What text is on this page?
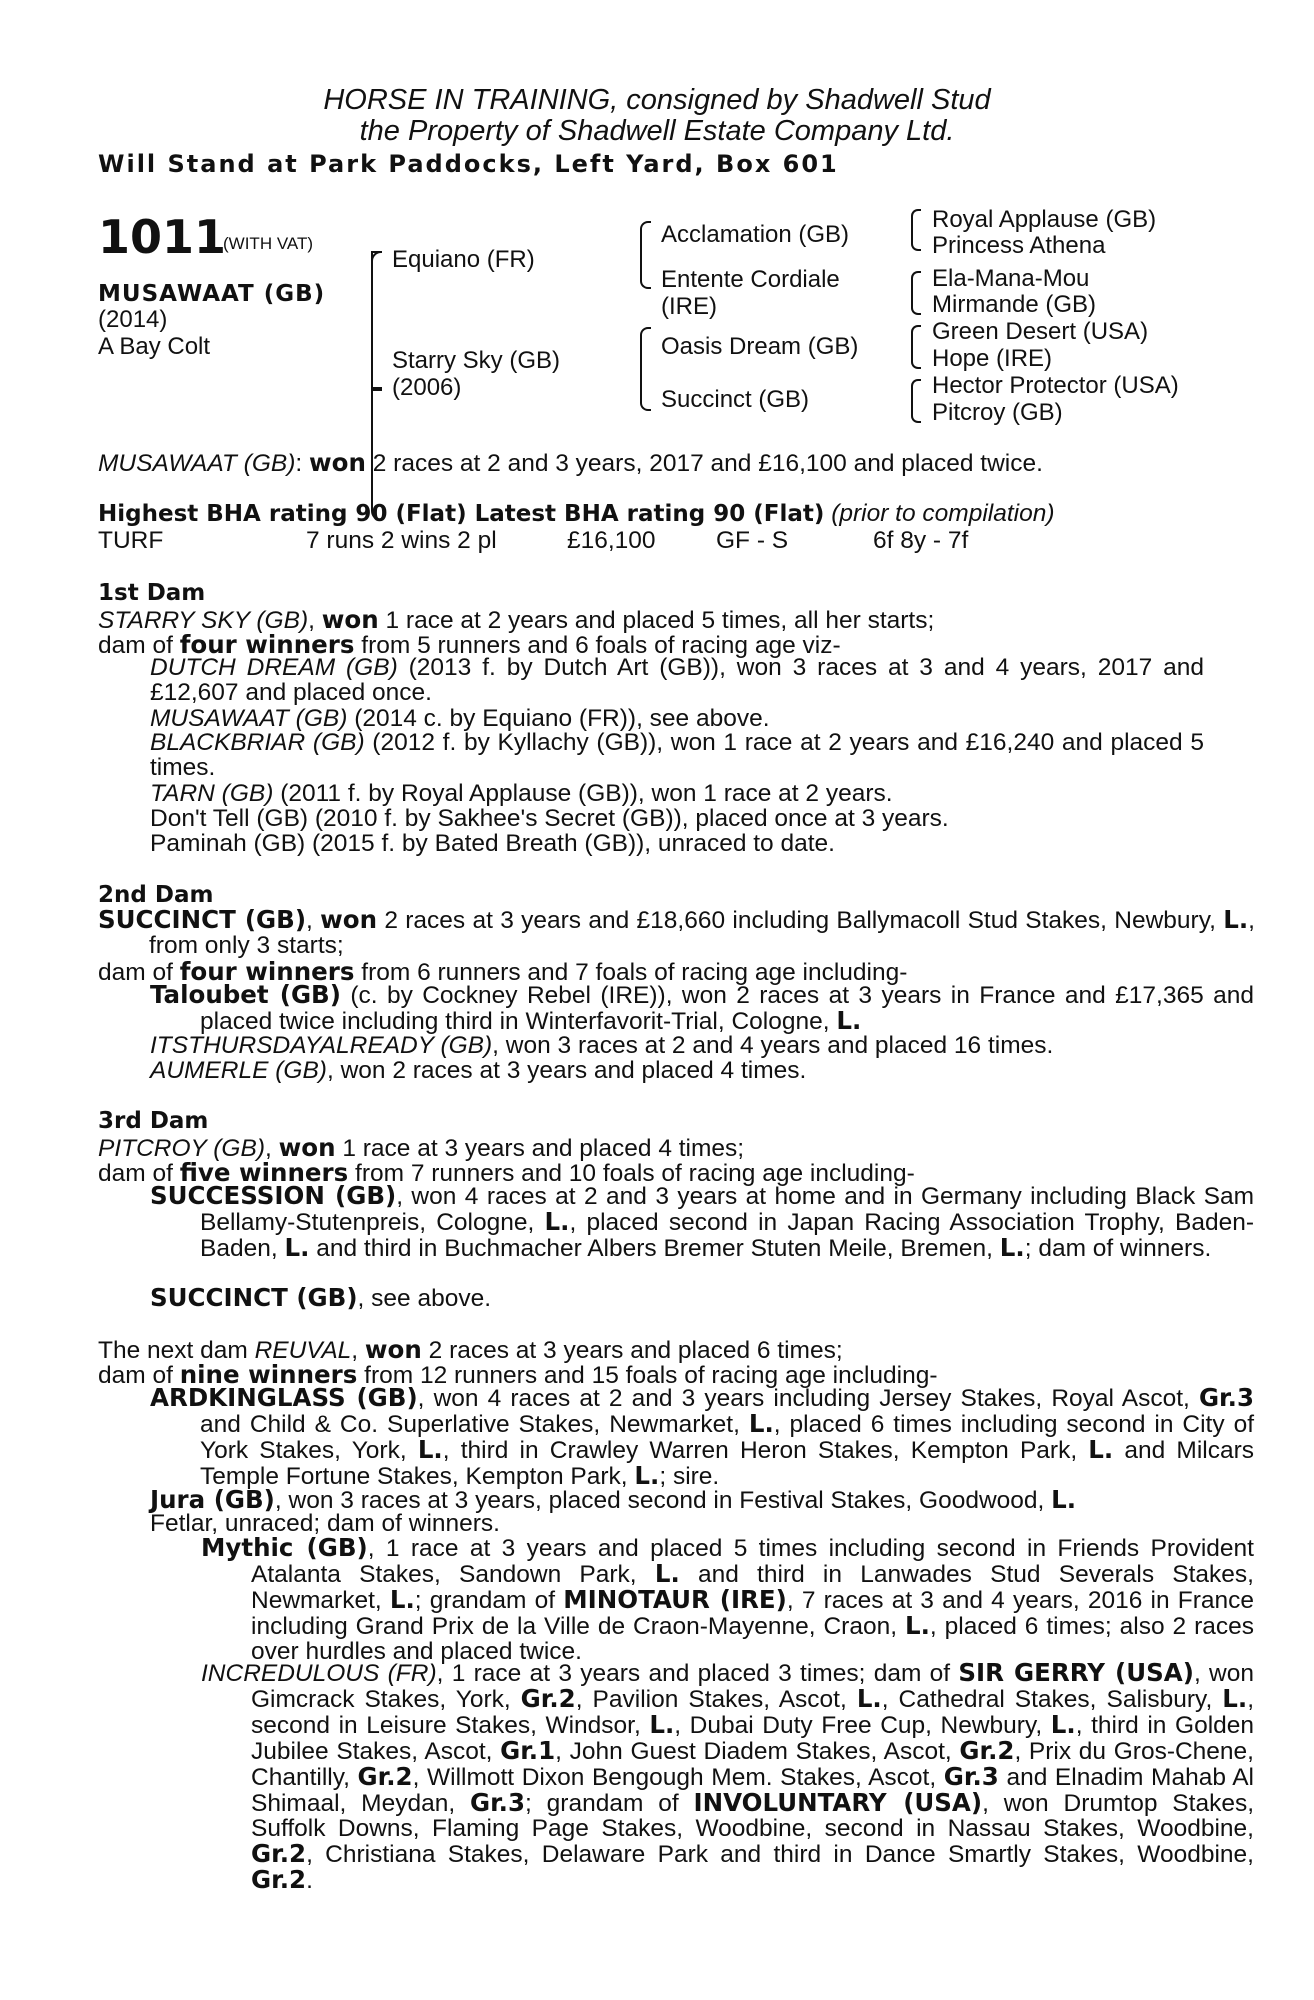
HORSE IN TRAINING, consigned by Shadwell Stud
the Property of Shadwell Estate Company Ltd.
Will Stand at Park Paddocks, Left Yard, Box 601
1011
(WITH VAT)
MUSAWAAT (GB)
(2014)
A Bay Colt
Equiano (FR)
Starry Sky (GB)
(2006)
Acclamation (GB)
Entente Cordiale
(IRE)
Oasis Dream (GB)
Succinct (GB)
Royal Applause (GB)
Princess Athena
Ela-Mana-Mou
Mirmande (GB)
Green Desert (USA)
Hope (IRE)
Hector Protector (USA)
Pitcroy (GB)
MUSAWAAT (GB): won 2 races at 2 and 3 years, 2017 and £16,100 and placed twice.
Highest BHA rating 90 (Flat) Latest BHA rating 90 (Flat) (prior to compilation)
TURF	7 runs 2 wins 2 pl	£16,100 GF - S	6f 8y - 7f
1st Dam
STARRY SKY (GB), won 1 race at 2 years and placed 5 times, all her starts;
dam of four winners from 5 runners and 6 foals of racing age viz-
DUTCH DREAM (GB) (2013 f. by Dutch Art (GB)), won 3 races at 3 and 4 years, 2017 and £12,607 and placed once.
MUSAWAAT (GB) (2014 c. by Equiano (FR)), see above.
BLACKBRIAR (GB) (2012 f. by Kyllachy (GB)), won 1 race at 2 years and £16,240 and placed 5 times.
TARN (GB) (2011 f. by Royal Applause (GB)), won 1 race at 2 years.
Don't Tell (GB) (2010 f. by Sakhee's Secret (GB)), placed once at 3 years.
Paminah (GB) (2015 f. by Bated Breath (GB)), unraced to date.
2nd Dam
SUCCINCT (GB), won 2 races at 3 years and £18,660 including Ballymacoll Stud Stakes, Newbury, L., from only 3 starts;
dam of four winners from 6 runners and 7 foals of racing age including-
Taloubet (GB) (c. by Cockney Rebel (IRE)), won 2 races at 3 years in France and £17,365 and placed twice including third in Winterfavorit-Trial, Cologne, L.
ITSTHURSDAYALREADY (GB), won 3 races at 2 and 4 years and placed 16 times.
AUMERLE (GB), won 2 races at 3 years and placed 4 times.
3rd Dam
PITCROY (GB), won 1 race at 3 years and placed 4 times;
dam of five winners from 7 runners and 10 foals of racing age including-
SUCCESSION (GB), won 4 races at 2 and 3 years at home and in Germany including Black Sam Bellamy-Stutenpreis, Cologne, L., placed second in Japan Racing Association Trophy, Baden-Baden, L. and third in Buchmacher Albers Bremer Stuten Meile, Bremen, L.; dam of winners.
SUCCINCT (GB), see above.
The next dam REUVAL, won 2 races at 3 years and placed 6 times;
dam of nine winners from 12 runners and 15 foals of racing age including-
ARDKINGLASS (GB), won 4 races at 2 and 3 years including Jersey Stakes, Royal Ascot, Gr.3 and Child & Co. Superlative Stakes, Newmarket, L., placed 6 times including second in City of York Stakes, York, L., third in Crawley Warren Heron Stakes, Kempton Park, L. and Milcars Temple Fortune Stakes, Kempton Park, L.; sire.
Jura (GB), won 3 races at 3 years, placed second in Festival Stakes, Goodwood, L.
Fetlar, unraced; dam of winners.
Mythic (GB), 1 race at 3 years and placed 5 times including second in Friends Provident Atalanta Stakes, Sandown Park, L. and third in Lanwades Stud Severals Stakes, Newmarket, L.; grandam of MINOTAUR (IRE), 7 races at 3 and 4 years, 2016 in France including Grand Prix de la Ville de Craon-Mayenne, Craon, L., placed 6 times; also 2 races over hurdles and placed twice.
INCREDULOUS (FR), 1 race at 3 years and placed 3 times; dam of SIR GERRY (USA), won Gimcrack Stakes, York, Gr.2, Pavilion Stakes, Ascot, L., Cathedral Stakes, Salisbury, L., second in Leisure Stakes, Windsor, L., Dubai Duty Free Cup, Newbury, L., third in Golden Jubilee Stakes, Ascot, Gr.1, John Guest Diadem Stakes, Ascot, Gr.2, Prix du Gros-Chene, Chantilly, Gr.2, Willmott Dixon Bengough Mem. Stakes, Ascot, Gr.3 and Elnadim Mahab Al Shimaal, Meydan, Gr.3; grandam of INVOLUNTARY (USA), won Drumtop Stakes, Suffolk Downs, Flaming Page Stakes, Woodbine, second in Nassau Stakes, Woodbine, Gr.2, Christiana Stakes, Delaware Park and third in Dance Smartly Stakes, Woodbine, Gr.2.
